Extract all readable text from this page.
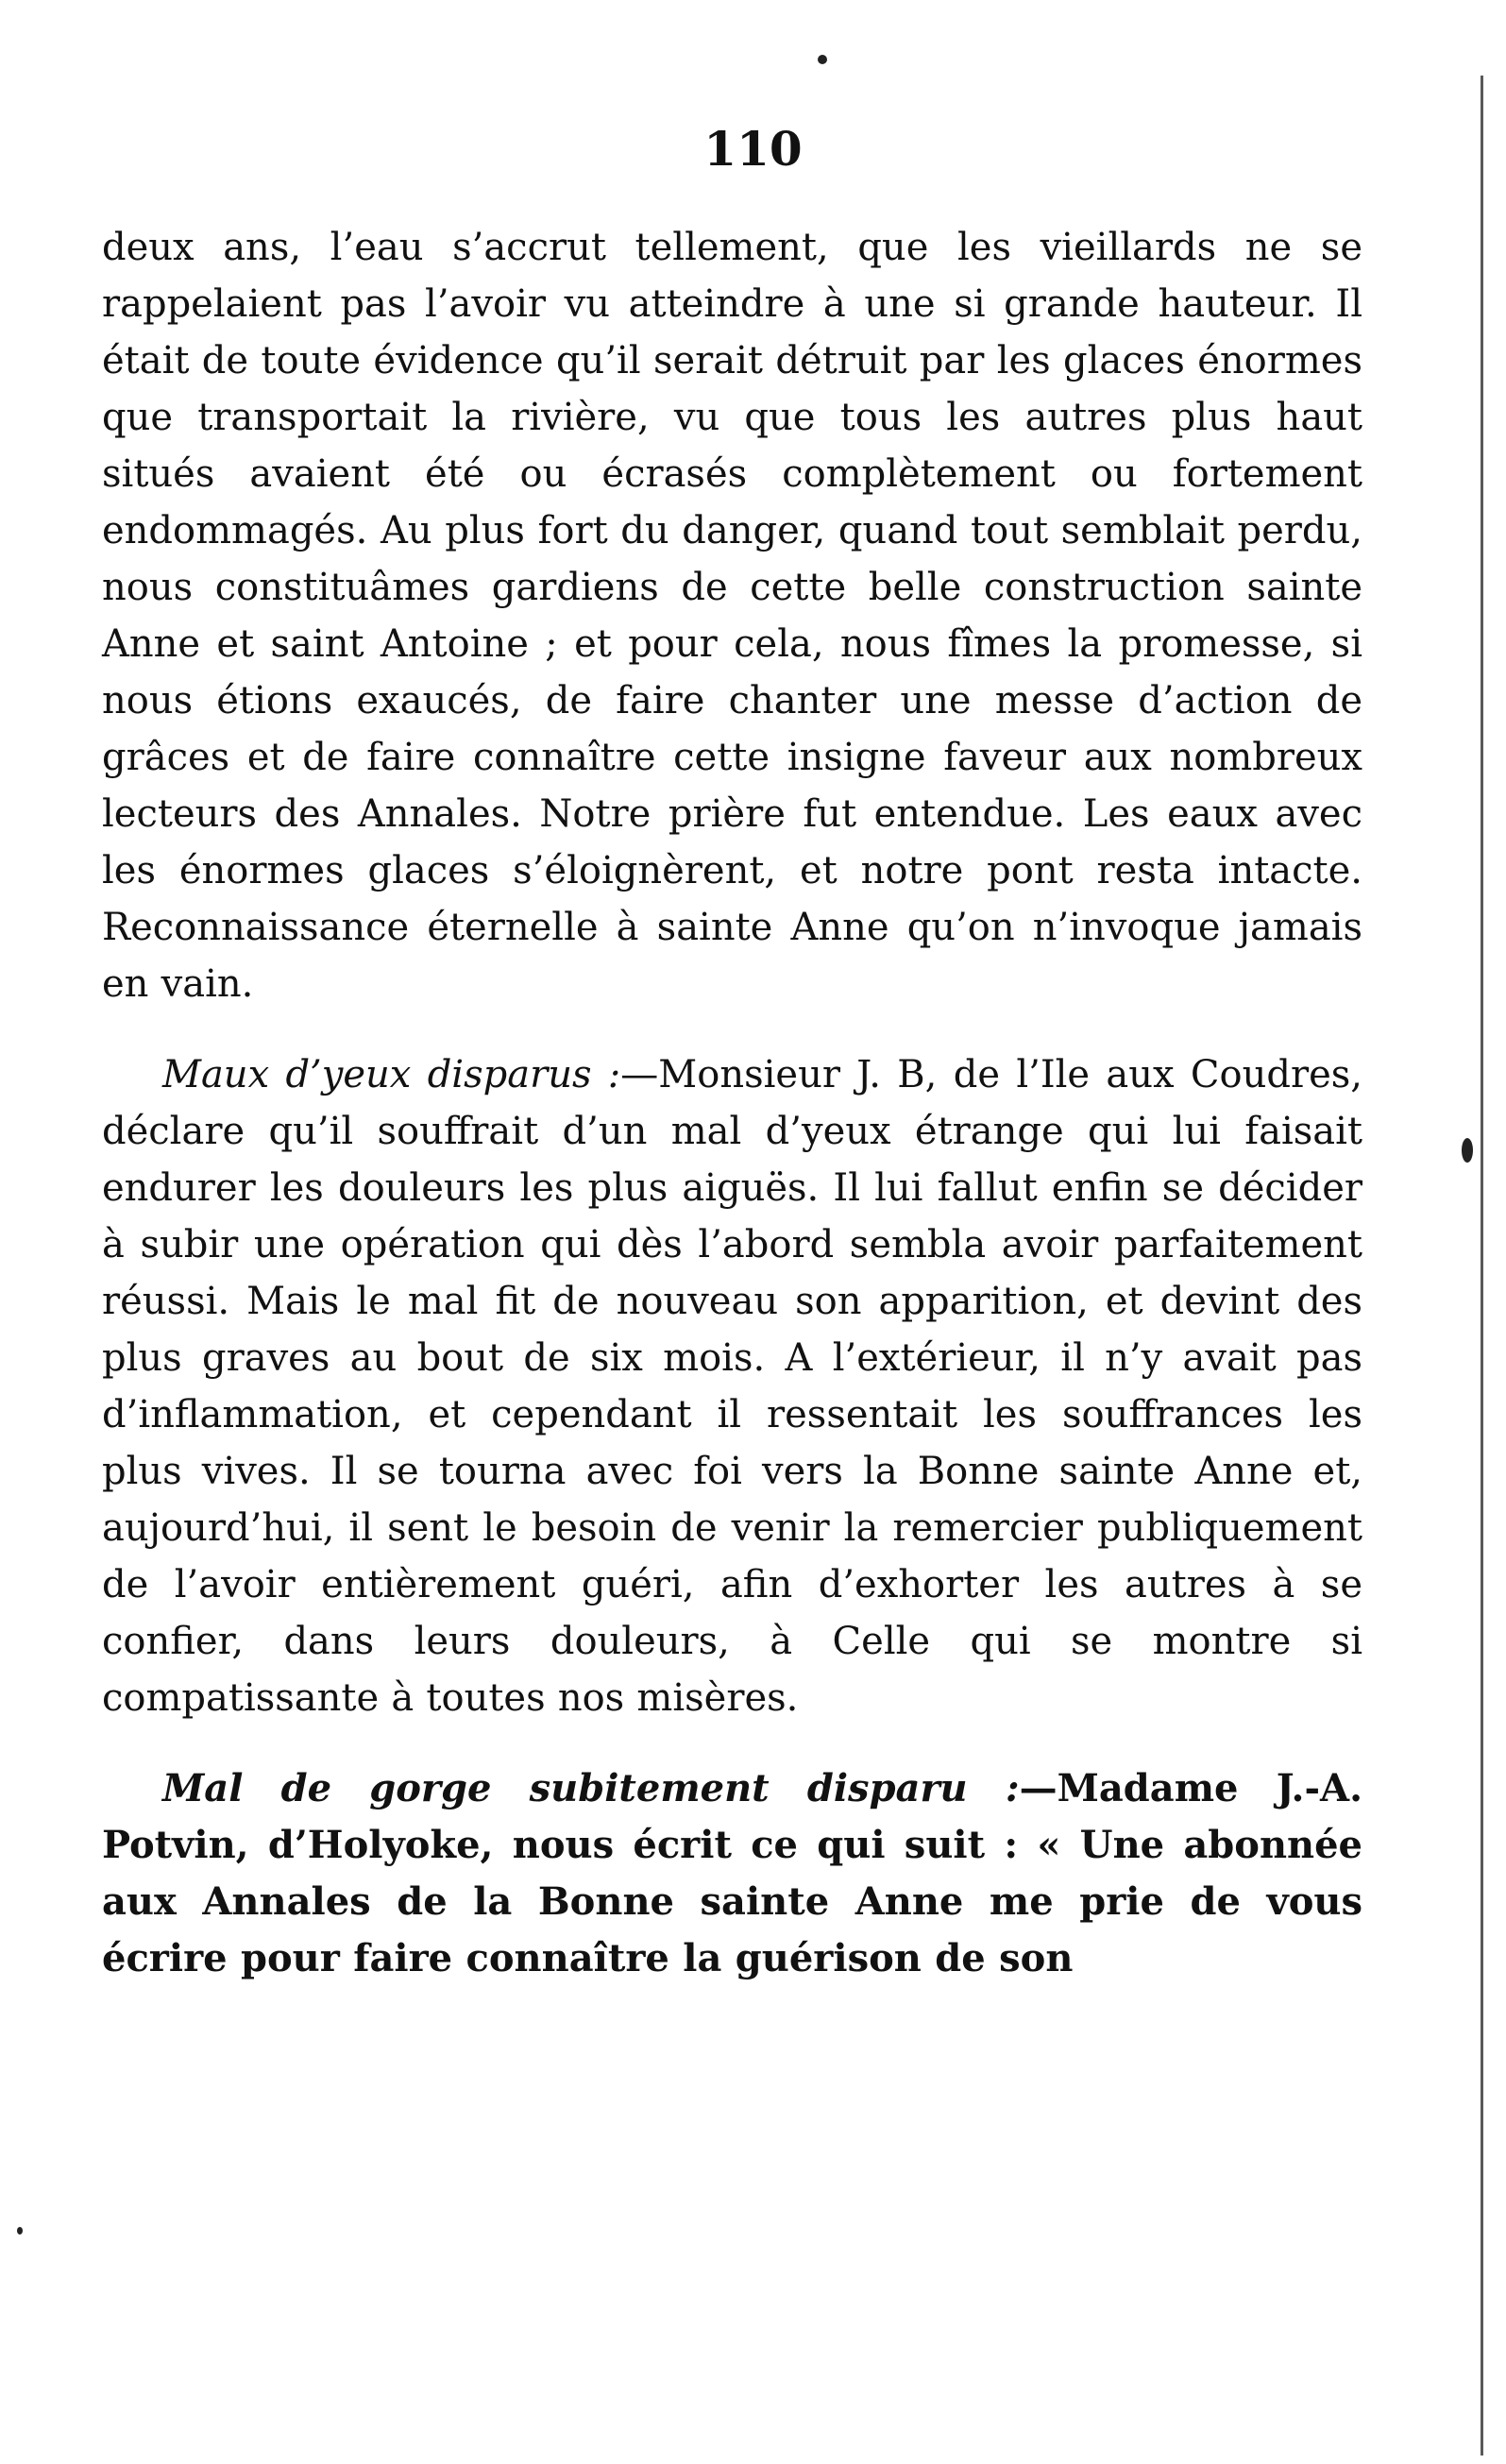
110

deux ans, l’eau s’accrut tellement, que les vieillards ne se rappelaient pas l’avoir vu atteindre à une si grande hauteur. Il était de toute évidence qu’il serait détruit par les glaces énormes que transportait la rivière, vu que tous les autres plus haut situés avaient été ou écrasés complètement ou fortement endommagés. Au plus fort du danger, quand tout semblait perdu, nous constituâmes gardiens de cette belle construction sainte Anne et saint Antoine ; et pour cela, nous fîmes la promesse, si nous étions exaucés, de faire chanter une messe d’action de grâces et de faire connaître cette insigne faveur aux nombreux lecteurs des Annales. Notre prière fut entendue. Les eaux avec les énormes glaces s’éloignèrent, et notre pont resta intacte. Reconnaissance éternelle à sainte Anne qu’on n’invoque jamais en vain.

Maux d’yeux disparus :—Monsieur J. B, de l’Ile aux Coudres, déclare qu’il souffrait d’un mal d’yeux étrange qui lui faisait endurer les douleurs les plus aiguës. Il lui fallut enfin se décider à subir une opération qui dès l’abord sembla avoir parfaitement réussi. Mais le mal fit de nouveau son apparition, et devint des plus graves au bout de six mois. A l’extérieur, il n’y avait pas d’inflammation, et cependant il ressentait les souffrances les plus vives. Il se tourna avec foi vers la Bonne sainte Anne et, aujourd’hui, il sent le besoin de venir la remercier publiquement de l’avoir entièrement guéri, afin d’exhorter les autres à se confier, dans leurs douleurs, à Celle qui se montre si compatissante à toutes nos misères.

Mal de gorge subitement disparu :—Madame J.-A. Potvin, d’Holyoke, nous écrit ce qui suit : « Une abonnée aux Annales de la Bonne sainte Anne me prie de vous écrire pour faire connaître la guérison de son
